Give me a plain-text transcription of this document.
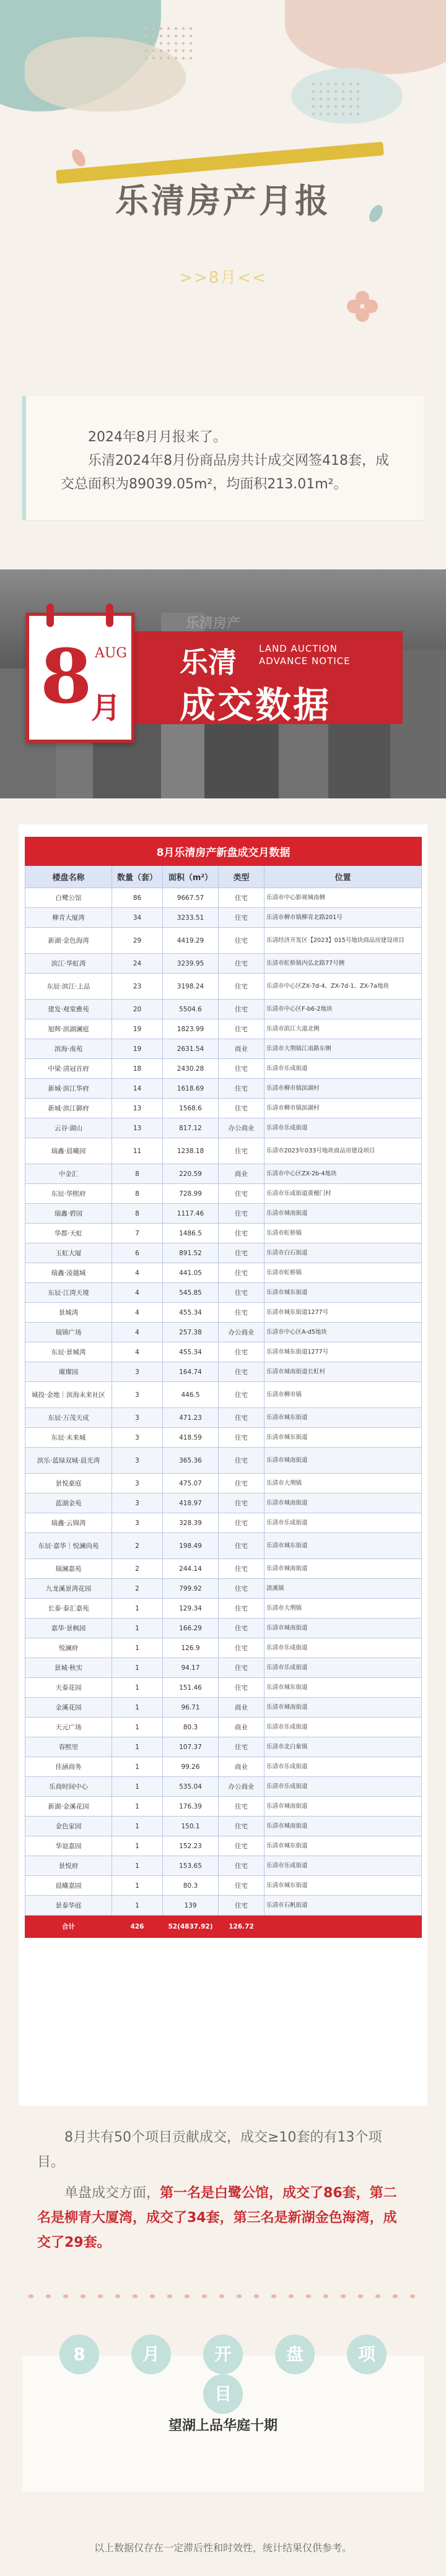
乐清房产月报
>>8月<<

2024年8月月报来了。

乐清2024年8月份商品房共计成交网签418套，成交总面积为89039.05m²，均面积213.01m²。

乐清房产
8 AUG
月
乐清 LAND AUCTION
ADVANCE NOTICE
成交数据
8月乐清房产新盘成交月数据				
楼盘名称	数量（套）	面积（m²）	类型	位置
白鹭公馆	86	9667.57	住宅	乐清市中心影视城南侧
柳青大厦湾	34	3233.51	住宅	乐清市柳市镇柳青北路201号
新湖·金色海湾	29	4419.29	住宅	乐清经济开发区【2023】015号地块商品房建设项目
滨江·华虹湾	24	3239.95	住宅	乐清市虹桥镇内弘北路77号侧
东辰·滨江·上品	23	3198.24	住宅	乐清市中心区ZX-7d-4、ZX-7d-1、ZX-7a地块
建发·观棠雅苑	20	5504.6	住宅	乐清市中心区F-b6-2地块
旭辉·滨湖澜庭	19	1823.99	住宅	乐清市滨江大道北侧
滨海·南苑	19	2631.54	商业	乐清市大荆镇江南路东侧
中梁·清冠首府	18	2430.28	住宅	乐清市乐成街道
新城·滨江华府	14	1618.69	住宅	乐清市柳市镇滨湖村
新城·滨江御府	13	1568.6	住宅	乐清市柳市镇滨湖村
云谷·湖山	13	817.12	办公商业	乐清市乐成街道
瑞鑫·晨曦园	11	1238.18	住宅	乐清市2023年033号地块商品房建设项目
中金汇	8	220.59	商业	乐清市中心区ZX-2b-4地块
东辰·华熙府	8	728.99	住宅	乐清市乐成街道黄檀门村
瑞鑫·碧园	8	1117.46	住宅	乐清市城南街道
华都·天虹	7	1486.5	住宅	乐清市虹桥镇
玉虹大厦	6	891.52	住宅	乐清市白石街道
瑞鑫·凌越城	4	441.05	住宅	乐清市虹桥镇
东辰·江湾天境	4	545.85	住宅	乐清市城东街道
景城湾	4	455.34	住宅	乐清市城东街道1277号
瑞锦广场	4	257.38	办公商业	乐清市中心区A-d5地块
东辰·景城湾	4	455.34	住宅	乐清市城东街道1277号
璀璨园	3	164.74	住宅	乐清市城南街道长虹村
城投·金地｜滨海未来社区	3	446.5	住宅	乐清市柳市镇
东辰·万茂天成	3	471.23	住宅	乐清市城东街道
东辰·未来城	3	418.59	住宅	乐清市城东街道
滨乐·蓝绿双城·晨光湾	3	365.36	住宅	乐清市城南街道
景悦豪庭	3	475.07	住宅	乐清市大荆镇
蓝湖金苑	3	418.97	住宅	乐清市城南街道
瑞鑫·云锦湾	3	328.39	住宅	乐清市乐成街道
东辰·嘉华｜悦澜尚苑	2	198.49	住宅	乐清市城东街道
瑞澜嘉苑	2	244.14	住宅	乐清市城南街道
九龙溪景湾花园	2	799.92	住宅	淡溪镇
长泰·泰汇嘉苑	1	129.34	住宅	乐清市大荆镇
嘉华·景枫园	1	166.29	住宅	乐清市城南街道
悦澜府	1	126.9	住宅	乐清市乐成街道
景城·秋实	1	94.17	住宅	乐清市乐成街道
天泰花园	1	151.46	住宅	乐清市城东街道
金溪花园	1	96.71	商业	乐清市城南街道
天元广场	1	80.3	商业	乐清市乐成街道
春熙里	1	107.37	住宅	乐清市北白象镇
佳涵商务	1	99.26	商业	乐清市乐成街道
乐商时间中心	1	535.04	办公商业	乐清市乐成街道
新湖·金溪花园	1	176.39	住宅	乐清市城南街道
金色家园	1	150.1	住宅	乐清市城南街道
华谊嘉园	1	152.23	住宅	乐清市城东街道
景悦府	1	153.65	住宅	乐清市乐成街道
晨曦嘉园	1	80.3	住宅	乐清市城东街道
景泰华庭	1	139	住宅	乐清市石帆街道
合计	426	52(4837.92)	126.72	

8月共有50个项目贡献成交，成交≥10套的有13个项目。

单盘成交方面，第一名是白鹭公馆，成交了86套，第二名是柳青大厦湾，成交了34套，第三名是新湖金色海湾，成交了29套。

8	月	开	盘	项目
望湖上品华庭十期
以上数据仅存在一定滞后性和时效性，统计结果仅供参考。
